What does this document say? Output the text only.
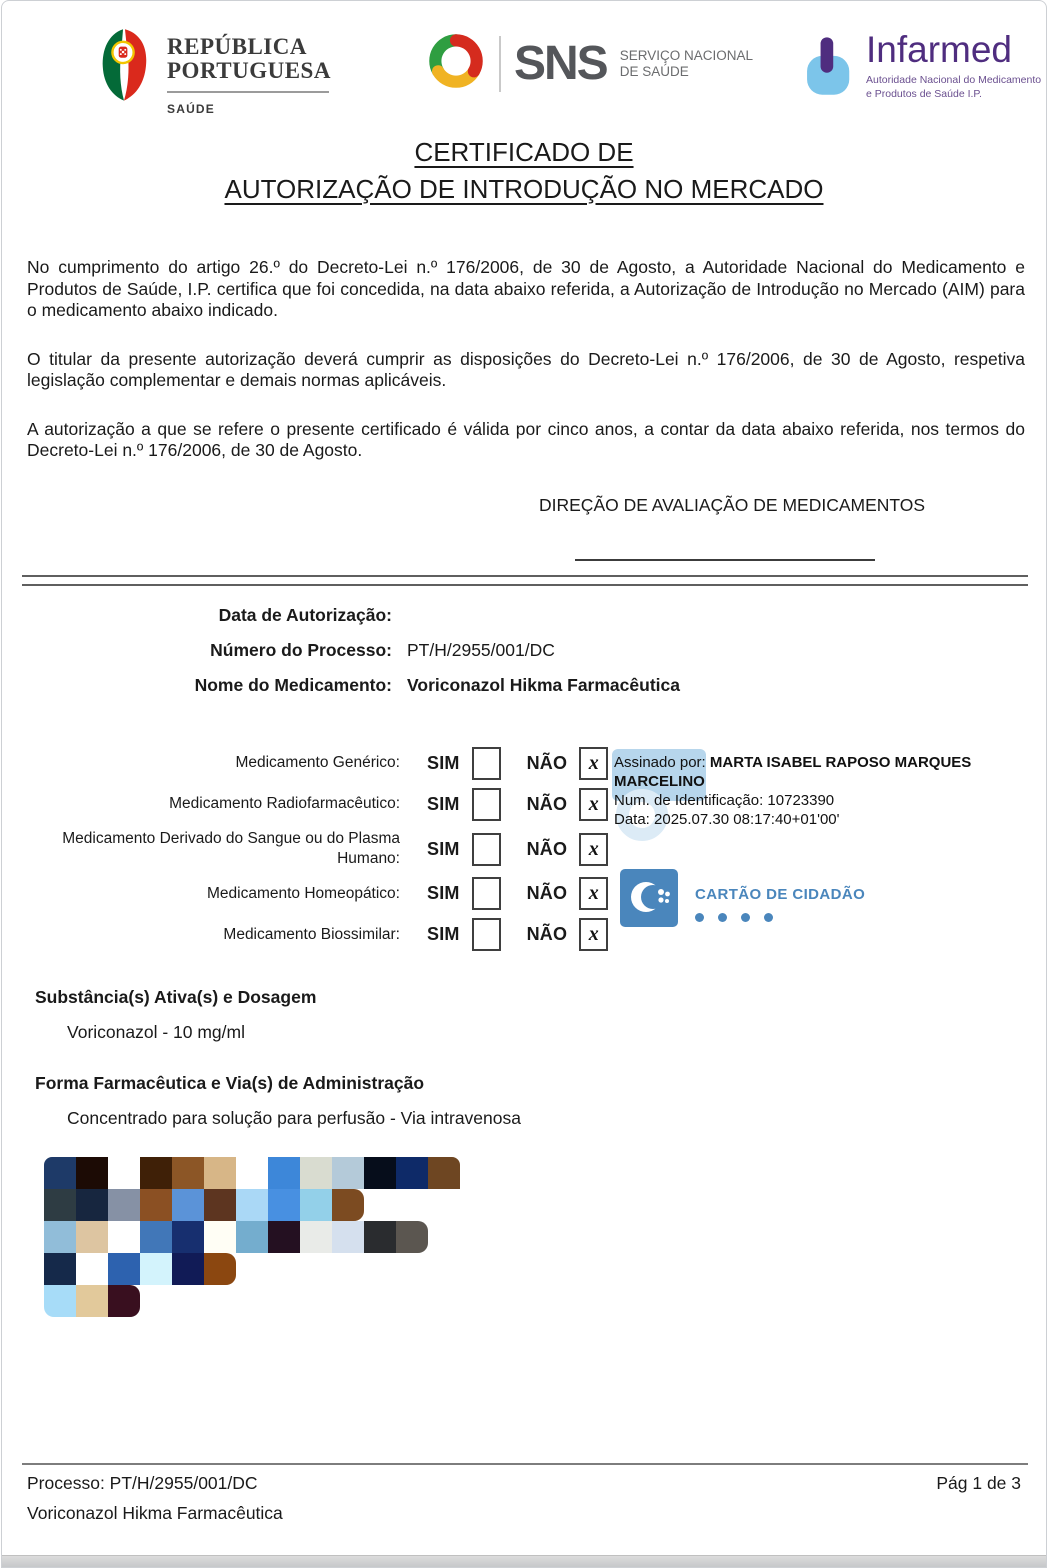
REPÚBLICA
PORTUGUESA
SAÚDE
SNS SERVIÇO NACIONAL
DE SAÚDE
Infarmed
Autoridade Nacional do Medicamento
e Produtos de Saúde I.P.
CERTIFICADO DE
AUTORIZAÇÃO DE INTRODUÇÃO NO MERCADO

No cumprimento do artigo 26.º do Decreto-Lei n.º 176/2006, de 30 de Agosto, a Autoridade Nacional do Medicamento e Produtos de Saúde, I.P. certifica que foi concedida, na data abaixo referida, a Autorização de Introdução no Mercado (AIM) para o medicamento abaixo indicado.

O titular da presente autorização deverá cumprir as disposições do Decreto-Lei n.º 176/2006, de 30 de Agosto, respetiva legislação complementar e demais normas aplicáveis.

A autorização a que se refere o presente certificado é válida por cinco anos, a contar da data abaixo referida, nos termos do Decreto-Lei n.º 176/2006, de 30 de Agosto.

DIREÇÃO DE AVALIAÇÃO DE MEDICAMENTOS
Data de Autorização:
Número do Processo: PT/H/2955/001/DC
Nome do Medicamento: Voriconazol Hikma Farmacêutica
Medicamento Genérico:	SIM	NÃO	x
Medicamento Radiofarmacêutico:	SIM	NÃO	x
Medicamento Derivado do Sangue ou do Plasma Humano:	SIM	NÃO	x
Medicamento Homeopático:	SIM	NÃO	x
Medicamento Biossimilar:	SIM	NÃO	x
Assinado por: MARTA ISABEL RAPOSO MARQUES MARCELINO
Num. de Identificação: 10723390
Data: 2025.07.30 08:17:40+01'00'
CARTÃO DE CIDADÃO
Substância(s) Ativa(s) e Dosagem
Voriconazol - 10 mg/ml
Forma Farmacêutica e Via(s) de Administração
Concentrado para solução para perfusão - Via intravenosa
Processo: PT/H/2955/001/DC	Pág 1 de 3
Voriconazol Hikma Farmacêutica
